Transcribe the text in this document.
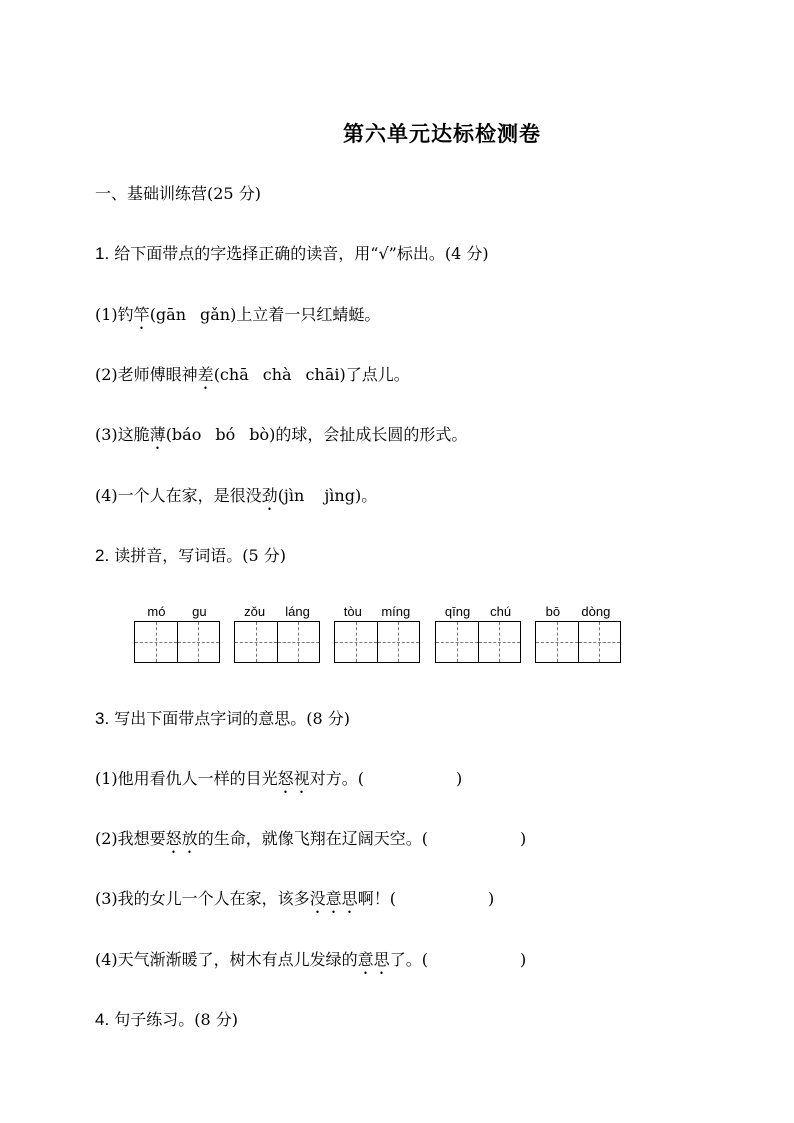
第六单元达标检测卷
一、基础训练营(25 分)
1. 给下面带点的字选择正确的读音，用“√”标出。(4 分)
(1)钓竿(gān gǎn)上立着一只红蜻蜓。
(2)老师傅眼神差(chā chà chāi)了点儿。
(3)这脆薄(báo bó bò)的球，会扯成长圆的形式。
(4)一个人在家，是很没劲(jìn jìng)。
2. 读拼音，写词语。(5 分)
mó gu	zǒu láng	tòu míng	qīng chú	bō dòng
3. 写出下面带点字词的意思。(8 分)
(1)他用看仇人一样的目光怒视对方。(	)
(2)我想要怒放的生命，就像飞翔在辽阔天空。(	)
(3)我的女儿一个人在家，该多没意思啊！(	)
(4)天气渐渐暖了，树木有点儿发绿的意思了。(	)
4. 句子练习。(8 分)
